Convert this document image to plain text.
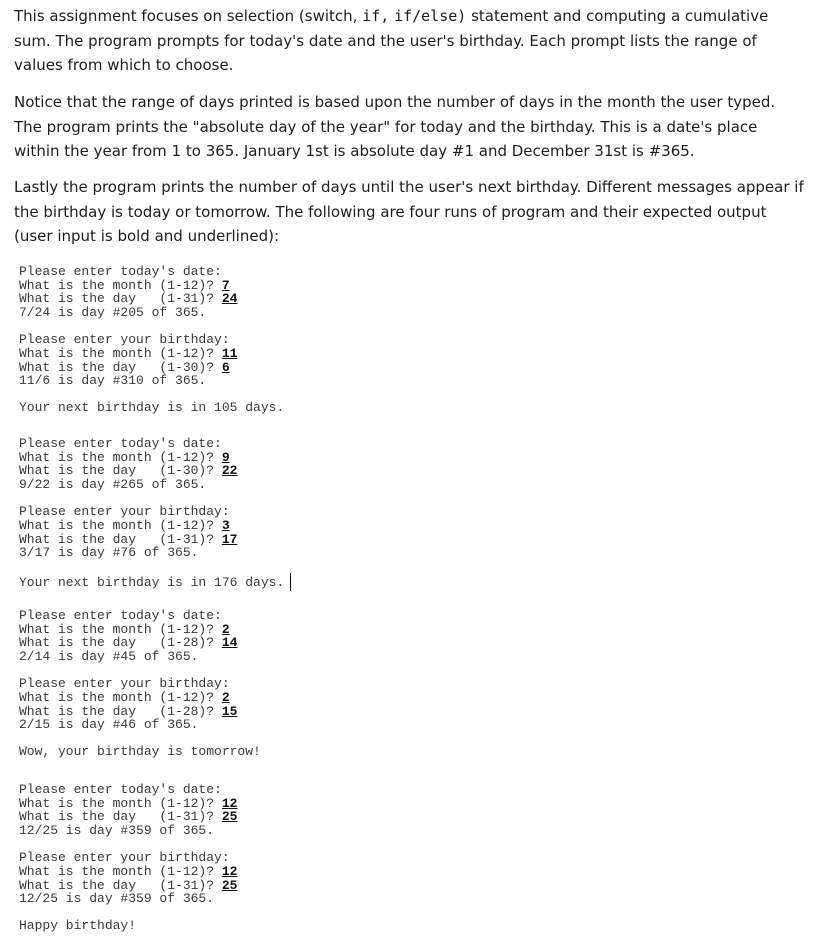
This assignment focuses on selection (switch, if, if/else) statement and computing a cumulative sum. The program prompts for today's date and the user's birthday. Each prompt lists the range of values from which to choose.

Notice that the range of days printed is based upon the number of days in the month the user typed. The program prints the "absolute day of the year" for today and the birthday. This is a date's place within the year from 1 to 365. January 1st is absolute day #1 and December 31st is #365.

Lastly the program prints the number of days until the user's next birthday. Different messages appear if the birthday is today or tomorrow. The following are four runs of program and their expected output (user input is bold and underlined):

Please enter today's date:
What is the month (1-12)? 7
What is the day   (1-31)? 24
7/24 is day #205 of 365.
Please enter your birthday:
What is the month (1-12)? 11
What is the day   (1-30)? 6
11/6 is day #310 of 365.
Your next birthday is in 105 days.
Please enter today's date:
What is the month (1-12)? 9
What is the day   (1-30)? 22
9/22 is day #265 of 365.
Please enter your birthday:
What is the month (1-12)? 3
What is the day   (1-31)? 17
3/17 is day #76 of 365.
Your next birthday is in 176 days.
Please enter today's date:
What is the month (1-12)? 2
What is the day   (1-28)? 14
2/14 is day #45 of 365.
Please enter your birthday:
What is the month (1-12)? 2
What is the day   (1-28)? 15
2/15 is day #46 of 365.
Wow, your birthday is tomorrow!
Please enter today's date:
What is the month (1-12)? 12
What is the day   (1-31)? 25
12/25 is day #359 of 365.
Please enter your birthday:
What is the month (1-12)? 12
What is the day   (1-31)? 25
12/25 is day #359 of 365.
Happy birthday!
